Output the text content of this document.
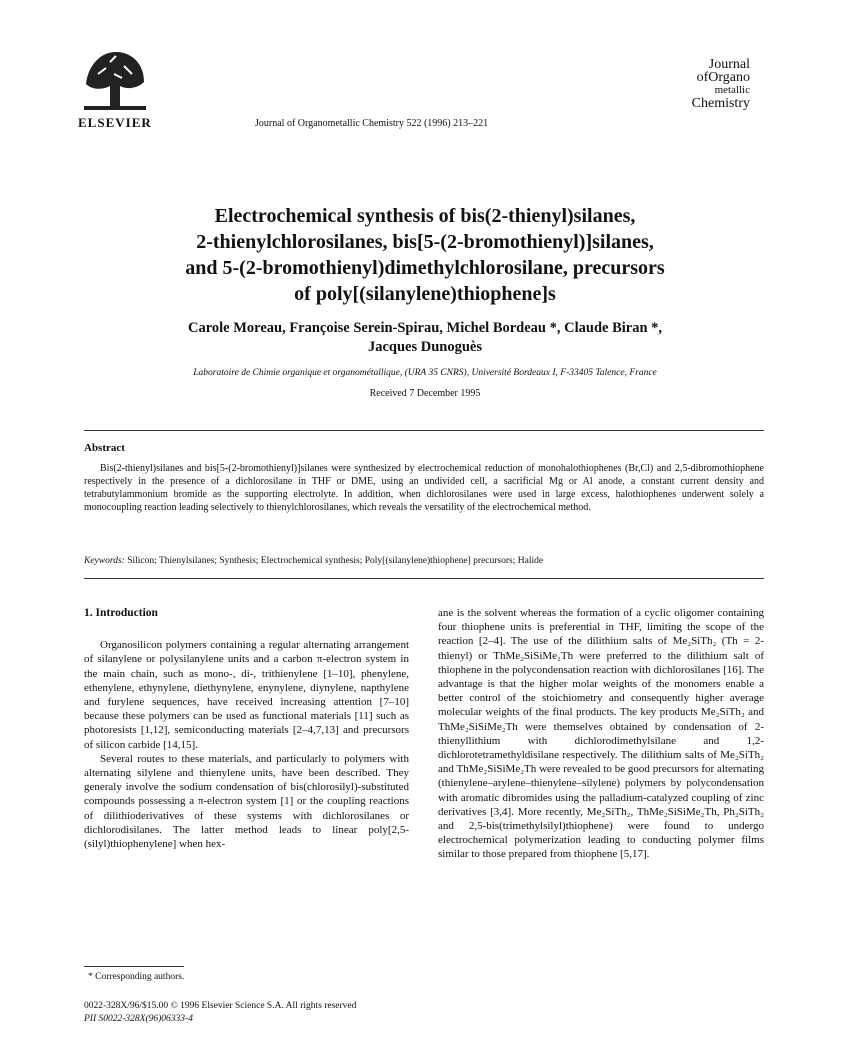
ELSEVIER	Journal of Organometallic Chemistry 522 (1996) 213–221
Journal
ofOrgano
metallic
Chemistry
Electrochemical synthesis of bis(2-thienyl)silanes,
2-thienylchlorosilanes, bis[5-(2-bromothienyl)]silanes,
and 5-(2-bromothienyl)dimethylchlorosilane, precursors
of poly[(silanylene)thiophene]s
Carole Moreau, Françoise Serein-Spirau, Michel Bordeau *, Claude Biran *,
Jacques Dunoguès
Laboratoire de Chimie organique et organométallique, (URA 35 CNRS), Université Bordeaux I, F-33405 Talence, France
Received 7 December 1995
Abstract
Bis(2-thienyl)silanes and bis[5-(2-bromothienyl)]silanes were synthesized by electrochemical reduction of monohalothiophenes (Br,Cl) and 2,5-dibromothiophene respectively in the presence of a dichlorosilane in THF or DME, using an undivided cell, a sacrificial Mg or Al anode, a constant current density and tetrabutylammonium bromide as the supporting electrolyte. In addition, when dichlorosilanes were used in large excess, halothiophenes underwent solely a monocoupling reaction leading selectively to thienylchlorosilanes, which reveals the versatility of the electrochemical method.
Keywords: Silicon; Thienylsilanes; Synthesis; Electrochemical synthesis; Poly[(silanylene)thiophene] precursors; Halide
1. Introduction

Organosilicon polymers containing a regular alternating arrangement of silanylene or polysilanylene units and a carbon π-electron system in the main chain, such as mono-, di-, trithienylene [1–10], phenylene, ethenylene, ethynylene, diethynylene, enynylene, diynylene, napthylene and furylene sequences, have received increasing attention [7–10] because these polymers can be used as functional materials [11] such as photoresists [1,12], semiconducting materials [2–4,7,13] and precursors of silicon carbide [14,15].

Several routes to these materials, and particularly to polymers with alternating silylene and thienylene units, have been described. They generaly involve the sodium condensation of bis(chlorosilyl)-substituted compounds possessing a π-electron system [1] or the coupling reactions of dilithioderivatives of these systems with dichlorosilanes or dichlorodisilanes. The latter method leads to linear poly[2,5-(silyl)thiophenylene] when hex-

ane is the solvent whereas the formation of a cyclic oligomer containing four thiophene units is preferential in THF, limiting the scope of the reaction [2–4]. The use of the dilithium salts of Me₂SiTh₂ (Th = 2-thienyl) or ThMe₂SiSiMe₂Th were preferred to the dilithium salt of thiophene in the polycondensation reaction with dichlorosilanes [16]. The advantage is that the higher molar weights of the monomers enable a better control of the stoichiometry and consequently higher average molecular weights of the final products. The key products Me₂SiTh₂ and ThMe₂SiSiMe₂Th were themselves obtained by condensation of 2-thienyllithium with dichlorodimethylsilane and 1,2-dichlorotetramethyldisilane respectively. The dilithium salts of Me₂SiTh₂ and ThMe₂SiSiMe₂Th were revealed to be good precursors for alternating (thienylene–arylene–thienylene–silylene) polymers by polycondensation with aromatic dibromides using the palladium-catalyzed coupling of zinc derivatives [3,4]. More recently, Me₂SiTh₂, ThMe₂SiSiMe₂Th, Ph₂SiTh₂ and 2,5-bis(trimethylsilyl)thiophene) were found to undergo electrochemical polymerization leading to conducting polymer films similar to those prepared from thiophene [5,17].

* Corresponding authors.
0022-328X/96/$15.00 © 1996 Elsevier Science S.A. All rights reserved
PII S0022-328X(96)06333-4
